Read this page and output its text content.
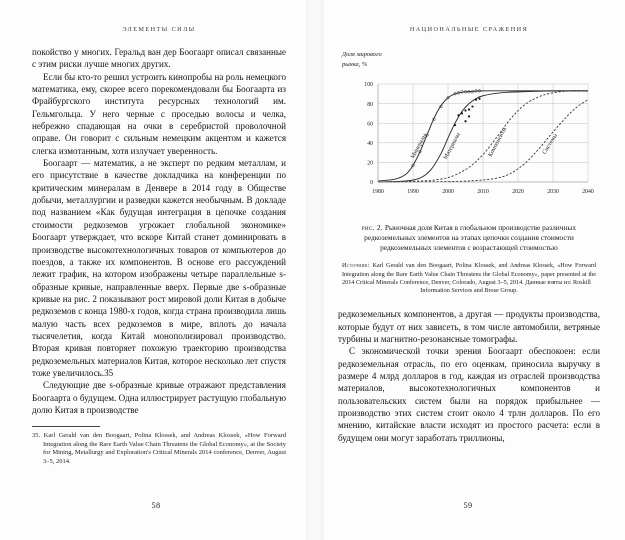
ЭЛЕМЕНТЫ СИЛЫ

покойство у многих. Геральд ван дер Боогаарт описал связанные с этим риски лучше многих других.

Если бы кто-то решил устроить кинопробы на роль немецкого математика, ему, скорее всего порекомендовали бы Боогаарта из Фрайбургского института ресурсных технологий им. Гельмгольца. У него черные с проседью волосы и челка, небрежно спадающая на очки в серебристой проволочной оправе. Он говорит с сильным немецким акцентом и кажется слегка измотанным, хотя излучает уверенность.

Боогаарт — математик, а не эксперт по редким металлам, и его присутствие в качестве докладчика на конференции по критическим минералам в Денвере в 2014 году в Обществе добычи, металлургии и разведки кажется необычным. В докладе под названием «Как будущая интеграция в цепочке создания стоимости редкоземов угрожает глобальной экономике» Боогаарт утверждает, что вскоре Китай станет доминировать в производстве высокотехнологичных товаров от компьютеров до поездов, а также их компонентов. В основе его рассуждений лежит график, на котором изображены четыре параллельные s-образные кривые, направленные вверх. Первые две s-образные кривые на рис. 2 показывают рост мировой доли Китая в добыче редкоземов с конца 1980-х годов, когда страна производила лишь малую часть всех редкоземов в мире, вплоть до начала тысячелетия, когда Китай монополизировал производство. Вторая кривая повторяет похожую траекторию производства редкоземельных материалов Китая, которое несколько лет спустя тоже увеличилось.35

Следующие две s-образные кривые отражают представления Боогаарта о будущем. Одна иллюстрирует растущую глобальную долю Китая в производстве

35. Karl Gerald van den Boogaart, Polina Klossek, and Andreas Klossek, «How Forward Integration along the Rare Earth Value Chain Threatens the Global Economy», at the Society for Mining, Metallurgy and Exploration's Critical Minerals 2014 conference, Denver, August 3–5, 2014.
58
НАЦИОНАЛЬНЫЕ СРАЖЕНИЯ
Доля мирового
рынка, %
0
20
40
60
80
100
1980	1990	2000	2010	2020	2030	2040
Минералы Материалы	Компоненты	Системы
рис. 2. Рыночная доля Китая в глобальном производстве различных редкоземельных элементов на этапах цепочки создания стоимости редкоземельных элементов с возрастающей стоимостью
Источник: Karl Gerald van den Boogaart, Polina Klossek, and Andreas Klossek, «How Forward Integration along the Rare Earth Value Chain Threatens the Global Economy», paper presented at the 2014 Critical Minerals Conference, Denver, Colorado, August 3–5, 2014. Данные взяты из: Roskill
Information Services and Brose Group.

редкоземельных компонентов, а другая — продукты производства, которые будут от них зависеть, в том числе автомобили, ветряные турбины и магнитно-резонансные томографы.

С экономической точки зрения Боогаарт обеспокоен: если редкоземельная отрасль, по его оценкам, приносила выручку в размере 4 млрд долларов в год, каждая из отраслей производства материалов, высокотехнологичных компонентов и пользовательских систем были на порядок прибыльнее — производство этих систем стоит около 4 трлн долларов. По его мнению, китайские власти исходят из простого расчета: если в будущем они могут заработать триллионы,

59
